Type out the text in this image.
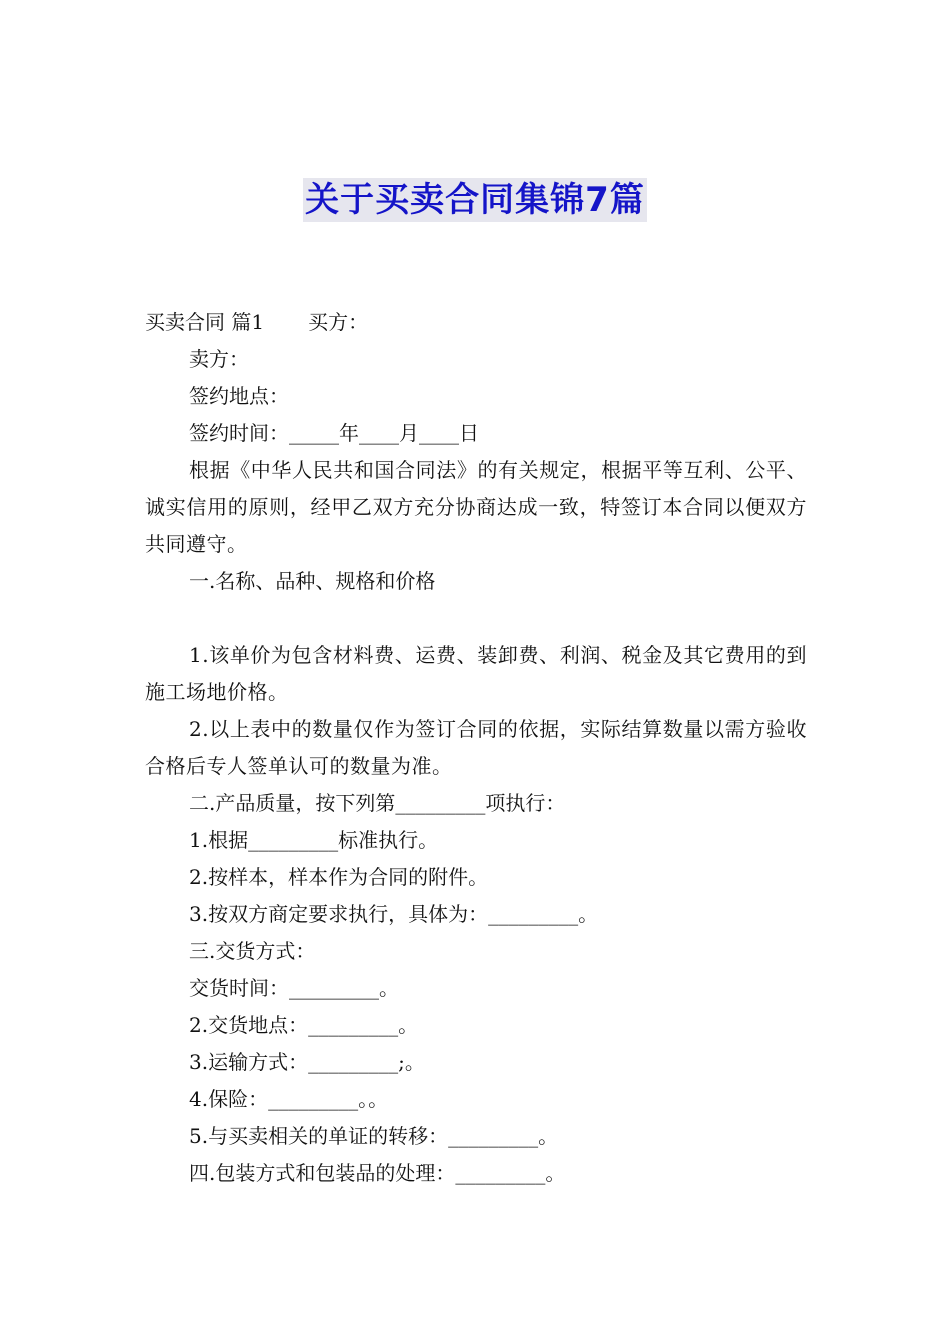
关于买卖合同集锦7篇
买卖合同 篇1 买方：
卖方：
签约地点：
签约时间：_____年____月____日
根据《中华人民共和国合同法》的有关规定，根据平等互利、公平、诚实信用的原则，经甲乙双方充分协商达成一致，特签订本合同以便双方共同遵守。
一.名称、品种、规格和价格
1.该单价为包含材料费、运费、装卸费、利润、税金及其它费用的到施工场地价格。
2.以上表中的数量仅作为签订合同的依据，实际结算数量以需方验收合格后专人签单认可的数量为准。
二.产品质量，按下列第_________项执行：
1.根据_________标准执行。
2.按样本，样本作为合同的附件。
3.按双方商定要求执行，具体为：_________。
三.交货方式：
交货时间：_________。
2.交货地点：_________。
3.运输方式：_________;。
4.保险：_________。。
5.与买卖相关的单证的转移：_________。
四.包装方式和包装品的处理：_________。
